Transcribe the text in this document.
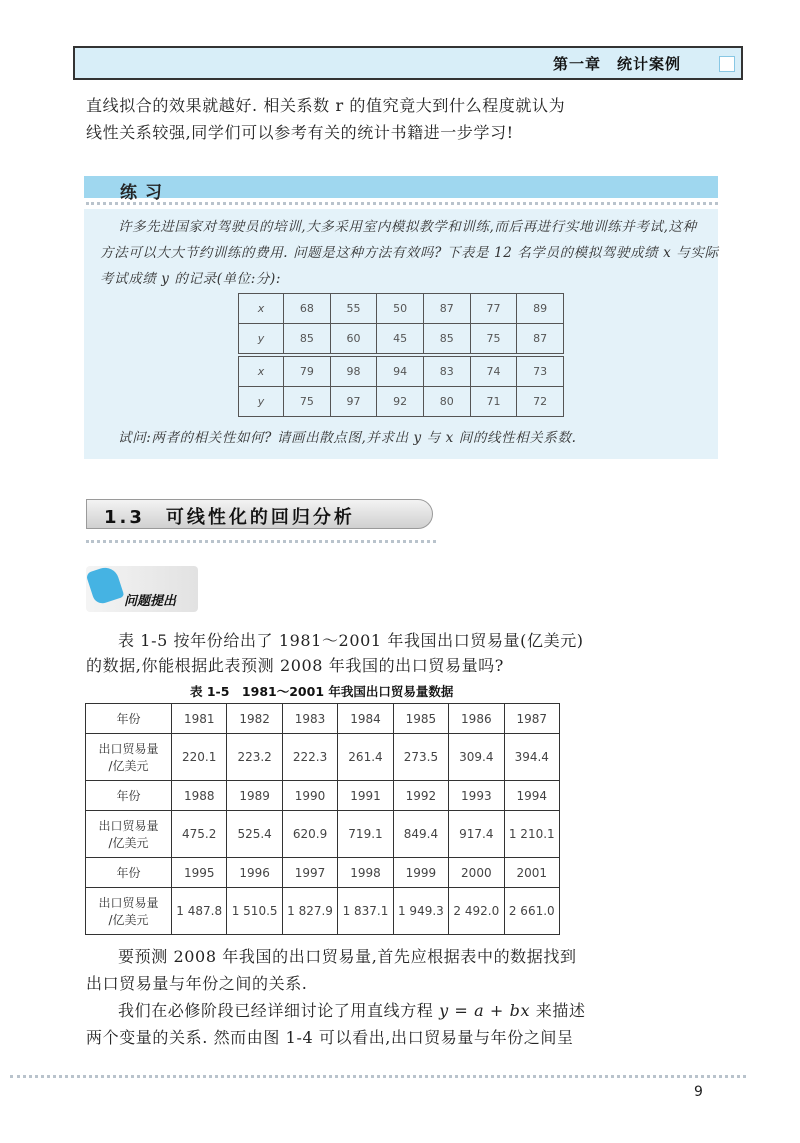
第一章　统计案例
直线拟合的效果就越好. 相关系数 r 的值究竟大到什么程度就认为
线性关系较强,同学们可以参考有关的统计书籍进一步学习!
练习
许多先进国家对驾驶员的培训,大多采用室内模拟教学和训练,而后再进行实地训练并考试,这种
方法可以大大节约训练的费用. 问题是这种方法有效吗? 下表是 12 名学员的模拟驾驶成绩 x 与实际
考试成绩 y 的记录(单位:分):
x	68	55	50	87	77	89
y	85	60	45	85	75	87
x	79	98	94	83	74	73
y	75	97	92	80	71	72
试问:两者的相关性如何? 请画出散点图,并求出 y 与 x 间的线性相关系数.
1.3　可线性化的回归分析
问题提出
表 1-5 按年份给出了 1981～2001 年我国出口贸易量(亿美元)
的数据,你能根据此表预测 2008 年我国的出口贸易量吗?
表 1-5　1981～2001 年我国出口贸易量数据
年份	1981	1982	1983	1984	1985	1986	1987
出口贸易量
/亿美元	220.1	223.2	222.3	261.4	273.5	309.4	394.4
年份	1988	1989	1990	1991	1992	1993	1994
出口贸易量
/亿美元	475.2	525.4	620.9	719.1	849.4	917.4	1 210.1
年份	1995	1996	1997	1998	1999	2000	2001
出口贸易量
/亿美元	1 487.8	1 510.5	1 827.9	1 837.1	1 949.3	2 492.0	2 661.0
要预测 2008 年我国的出口贸易量,首先应根据表中的数据找到
出口贸易量与年份之间的关系.
我们在必修阶段已经详细讨论了用直线方程 y = a + bx 来描述
两个变量的关系. 然而由图 1-4 可以看出,出口贸易量与年份之间呈
9
